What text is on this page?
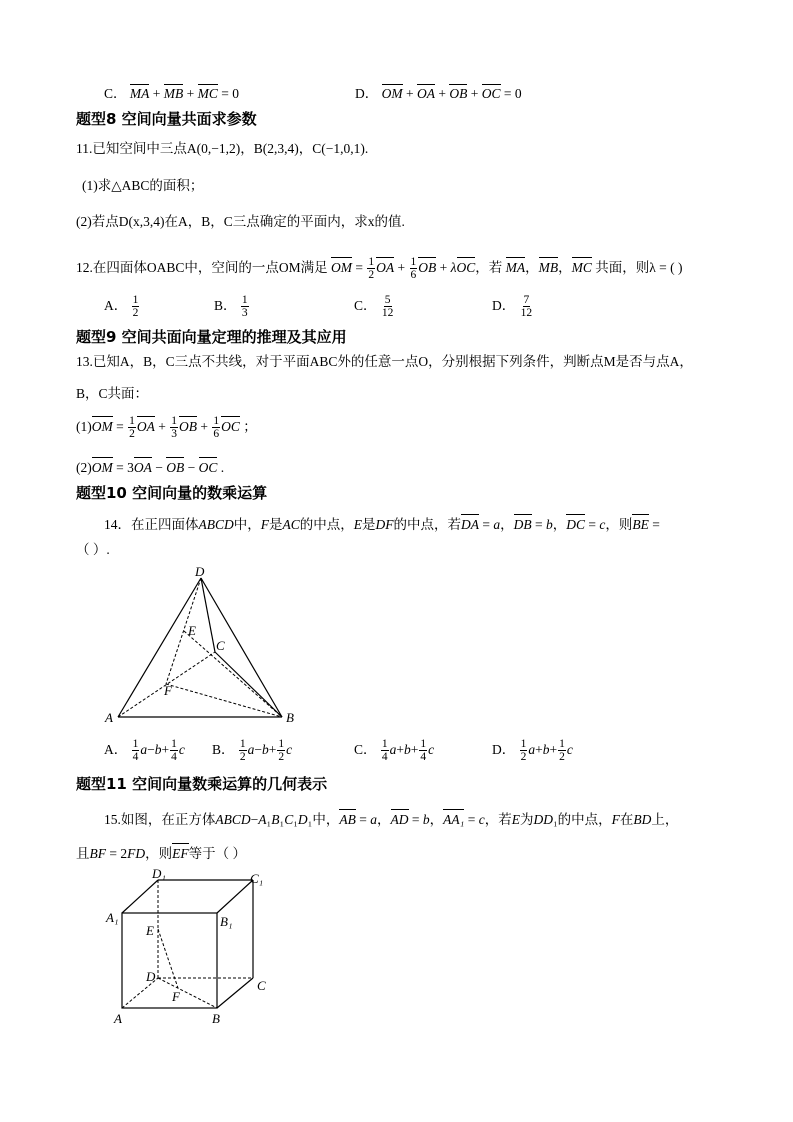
C． MA + MB + MC = 0	D． OM + OA + OB + OC = 0
题型8 空间向量共面求参数
11.已知空间中三点A(0,−1,2)，B(2,3,4)，C(−1,0,1).
(1)求△ABC的面积；
(2)若点D(x,3,4)在A，B，C三点确定的平面内，求x的值.
12.在四面体OABC中，空间的一点OM满足 OM = $\frac{1}{2}$ OA + $\frac{1}{6}$ OB + λOC，若 MA，MB，MC 共面，则λ = ( )
A． $\frac{1}{2}$	B． $\frac{1}{3}$	C． $\frac{5}{12}$	D． $\frac{7}{12}$
题型9 空间共面向量定理的推理及其应用
13.已知A，B，C三点不共线，对于平面ABC外的任意一点O，分别根据下列条件，判断点M是否与点A，
B，C共面：
$(1)OM = \frac{1}{2}$ OA + $\frac{1}{3}$ OB + $\frac{1}{6}$ OC ；
(2)OM = 3OA − OB − OC .
题型10 空间向量的数乘运算
14．在正四面体ABCD中，F是AC的中点，E是DF的中点，若DA = a，DB = b，DC = c，则BE =
（ ）.
D
E
C
F
A	B
A． $\frac{1}{4} a-b+ \frac{1}{4}$ c B． $\frac{1}{2} a-b+ \frac{1}{2}$ c	C． $\frac{1}{4} a+b+ \frac{1}{4}$ c	D． $\frac{1}{2} a+b+ \frac{1}{2}$ c
题型11 空间向量数乘运算的几何表示
15.如图，在正方体ABCD−A₁B₁C₁D₁中，AB = a，AD = b，AA₁ = c，若E为DD₁的中点，F在BD上，
且BF = 2FD，则EF等于（ ）
D₁	C₁
A₁	B₁
E
D
C
F
A	B
